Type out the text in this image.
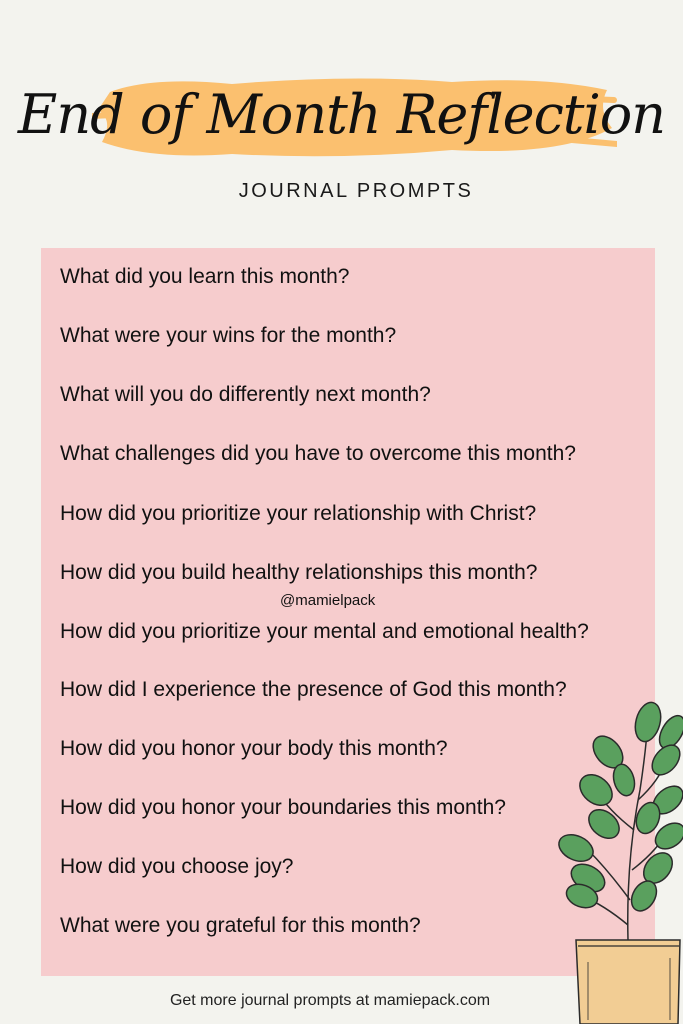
End of Month Reflection
JOURNAL PROMPTS
What did you learn this month?
What were your wins for the month?
What will you do differently next month?
What challenges did you have to overcome this month?
How did you prioritize your relationship with Christ?
How did you build healthy relationships this month?
How did you prioritize your mental and emotional health?
How did I experience the presence of God this month?
How did you honor your body this month?
How did you honor your boundaries this month?
How did you choose joy?
What were you grateful for this month?
@mamielpack
Get more journal prompts at mamiepack.com
